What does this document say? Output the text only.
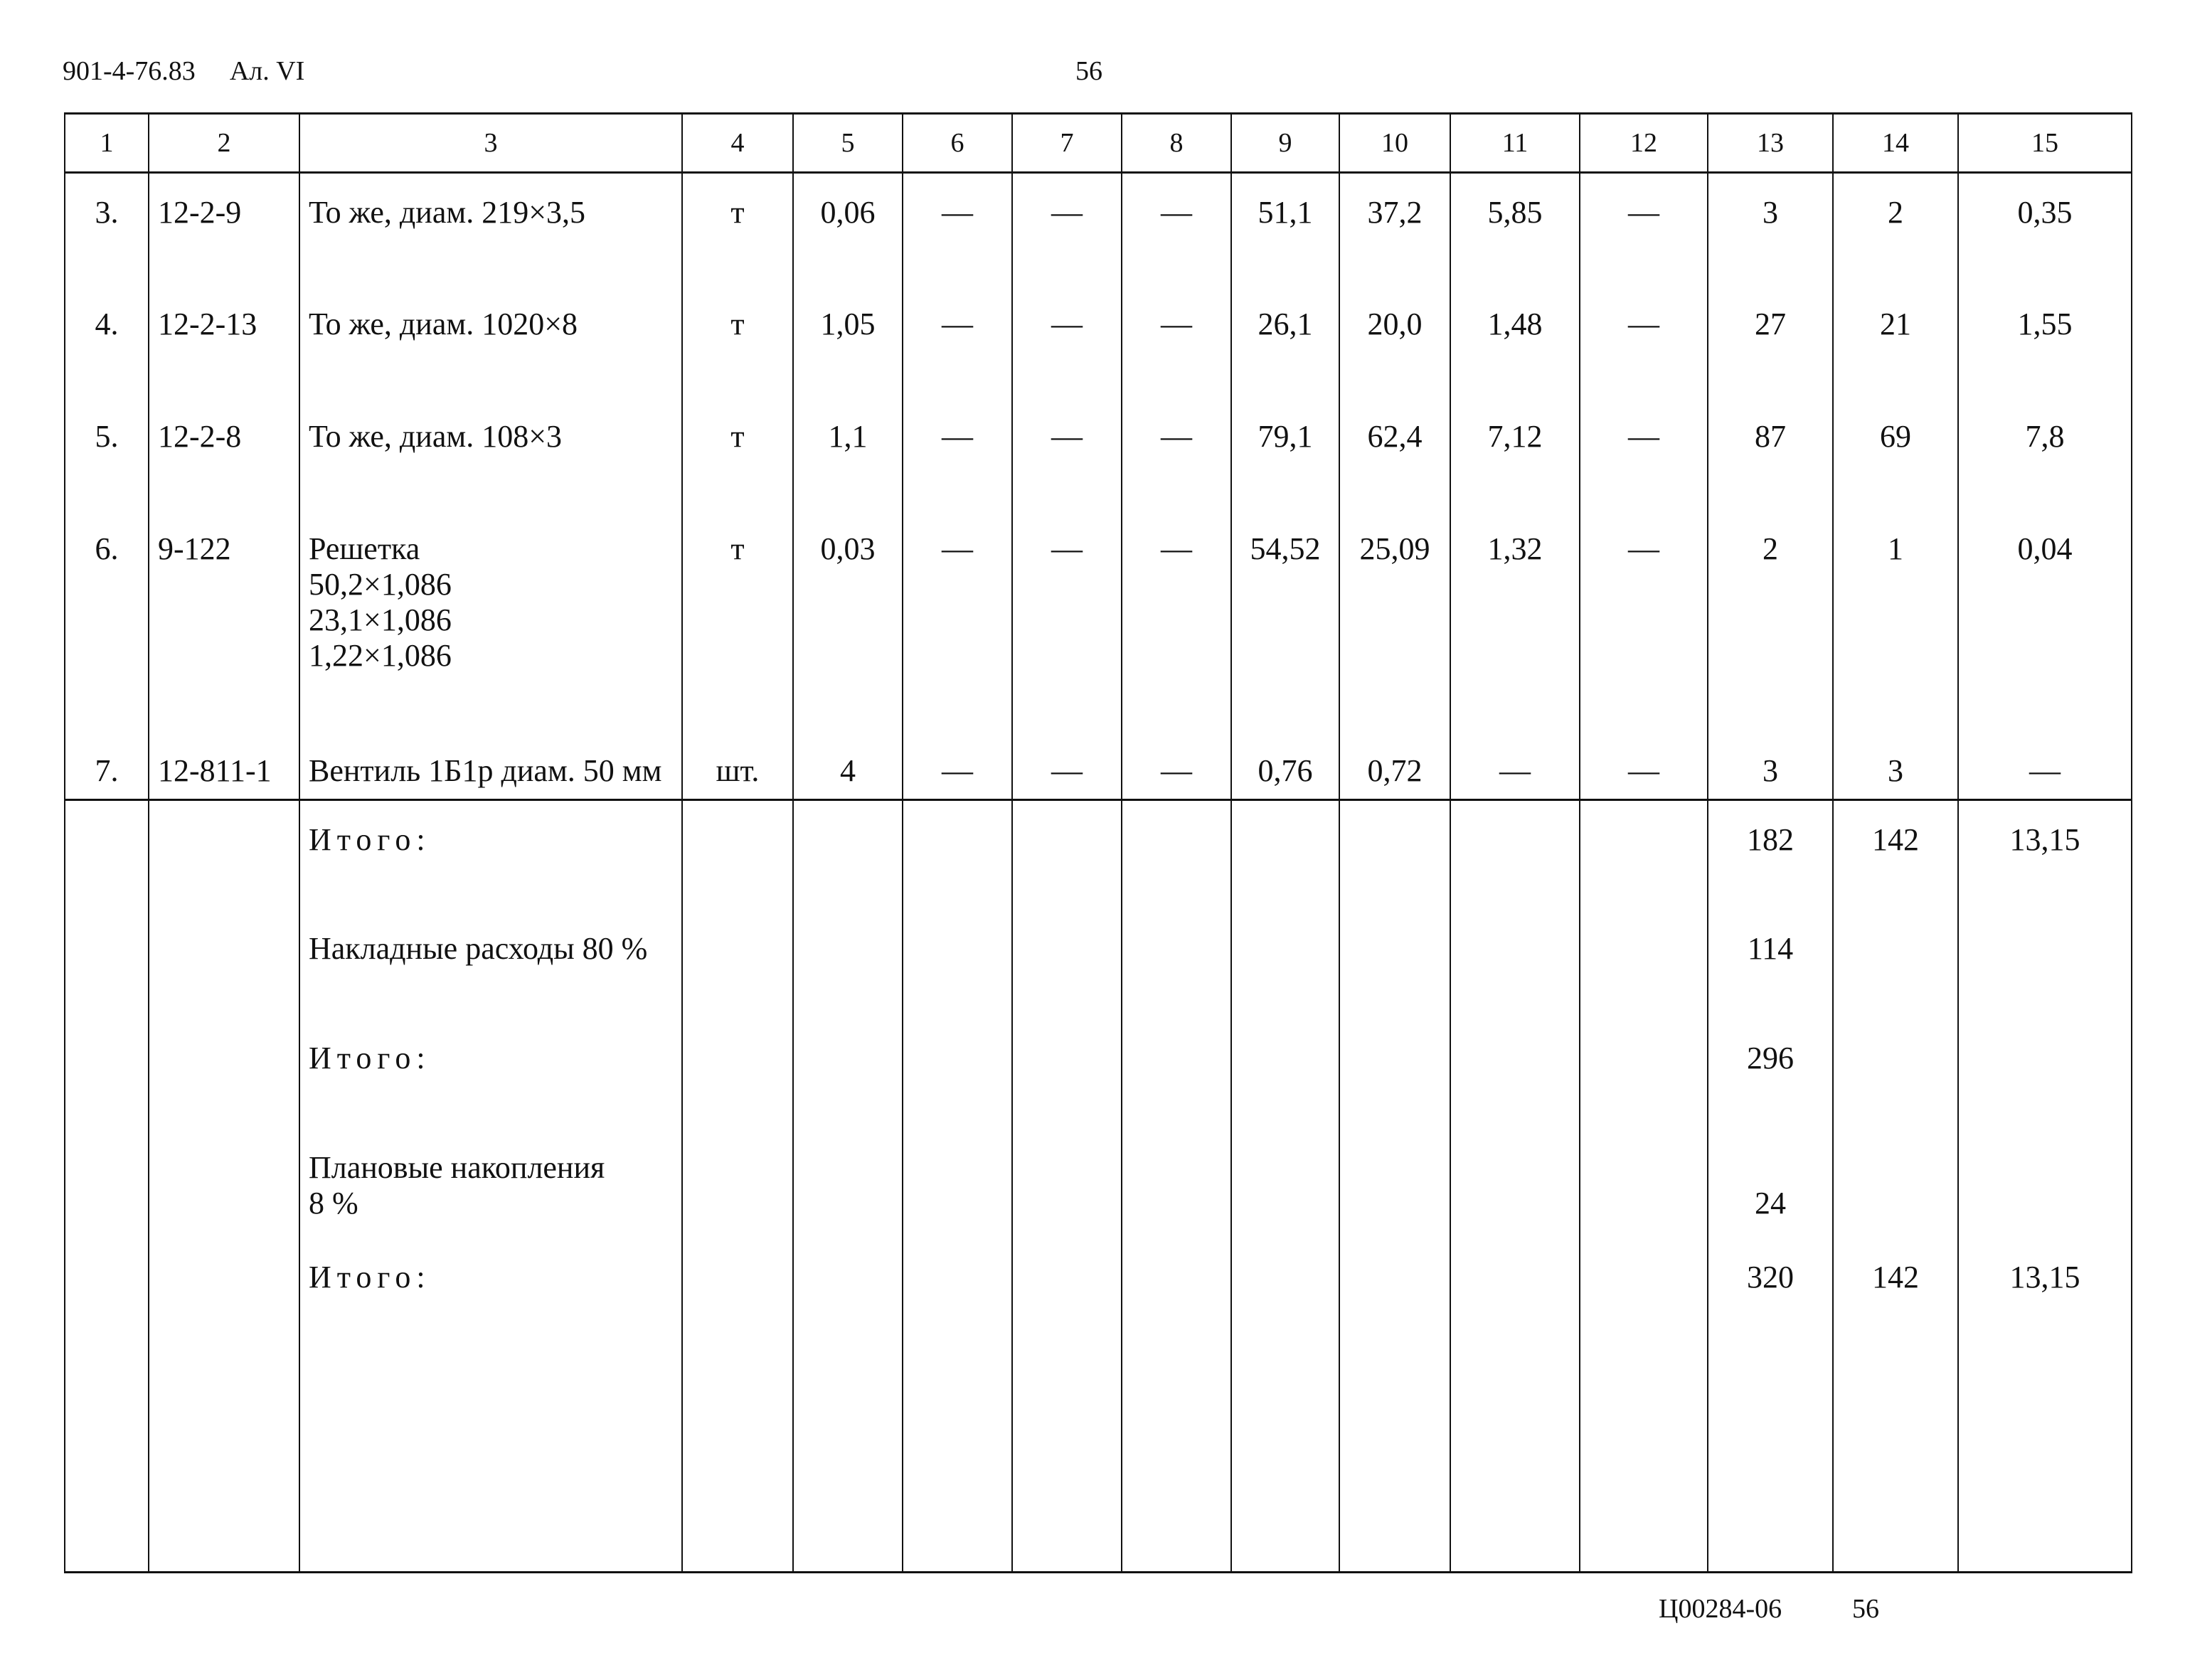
901-4-76.83 Ал. VI	56
1	2	3	4	5	6	7	8	9	10	11	12	13	14	15
3.	12-2-9	То же, диам. 219×3,5	т	0,06	—	—	—	51,1	37,2	5,85	—	3	2	0,35
4.	12-2-13	То же, диам. 1020×8	т	1,05	—	—	—	26,1	20,0	1,48	—	27	21	1,55
5.	12-2-8	То же, диам. 108×3	т	1,1	—	—	—	79,1	62,4	7,12	—	87	69	7,8
6.	9-122	Решетка
50,2×1,086
23,1×1,086
1,22×1,086	т	0,03	—	—	—	54,52	25,09	1,32	—	2	1	0,04
7.	12-811-1	Вентиль 1Б1р диам. 50 мм	шт.	4	—	—	—	0,76	0,72	—	—	3	3	—

		Итого:										182	142	13,15

		Накладные расходы 80 %										114		

		Итого:										296		

		Плановые накопления
8 %										24		

		Итого:										320	142	13,15

Ц00284-06	56
